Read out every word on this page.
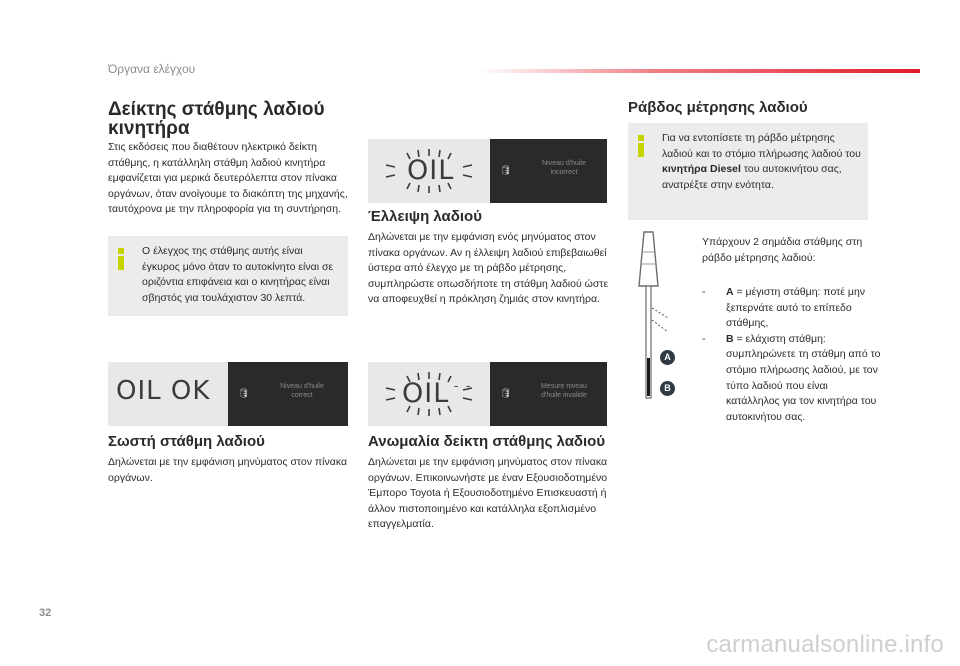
Όργανα ελέγχου
Δείκτης στάθμης λαδιού
κινητήρα
Στις εκδόσεις που διαθέτουν ηλεκτρικό δείκτη στάθμης, η κατάλληλη στάθμη λαδιού κινητήρα εμφανίζεται για μερικά δευτερόλεπτα στον πίνακα οργάνων, όταν ανοίγουμε το διακόπτη της μηχανής, ταυτόχρονα με την πληροφορία για τη συντήρηση.
Ο έλεγχος της στάθμης αυτής είναι έγκυρος μόνο όταν το αυτοκίνητο είναι σε οριζόντια επιφάνεια και ο κινητήρας είναι σβηστός για τουλάχιστον 30 λεπτά.
OIL OK	🛢
Niveau d'huile
correct
Σωστή στάθμη λαδιού
Δηλώνεται με την εμφάνιση μηνύματος στον πίνακα οργάνων.
OIL	🛢
Niveau d'huile
incorrect
Έλλειψη λαδιού
Δηλώνεται με την εμφάνιση ενός μηνύματος στον πίνακα οργάνων. Αν η έλλειψη λαδιού επιβεβαιωθεί ύστερα από έλεγχο με τη ράβδο μέτρησης, συμπληρώστε οπωσδήποτε τη στάθμη λαδιού ώστε να αποφευχθεί η πρόκληση ζημιάς στον κινητήρα.
OIL - -	🛢
Mesure niveau
d'huile invalide
Ανωμαλία δείκτη στάθμης λαδιού
Δηλώνεται με την εμφάνιση μηνύματος στον πίνακα οργάνων. Επικοινωνήστε με έναν Εξουσιοδοτημένο Έμπορο Toyota ή Εξουσιοδοτημένο Επισκευαστή ή άλλον πιστοποιημένο και κατάλληλα εξοπλισμένο επαγγελματία.
Ράβδος μέτρησης λαδιού
Για να εντοπίσετε τη ράβδο μέτρησης λαδιού και το στόμιο πλήρωσης λαδιού του κινητήρα Diesel του αυτοκινήτου σας, ανατρέξτε στην ενότητα.
A
B
Υπάρχουν 2 σημάδια στάθμης στη ράβδο μέτρησης λαδιού:
- A = μέγιστη στάθμη: ποτέ μην ξεπερνάτε αυτό το επίπεδο στάθμης,
- B = ελάχιστη στάθμη: συμπληρώνετε τη στάθμη από το στόμιο πλήρωσης λαδιού, με τον τύπο λαδιού που είναι κατάλληλος για τον κινητήρα του αυτοκινήτου σας.
32
carmanualsonline.info
